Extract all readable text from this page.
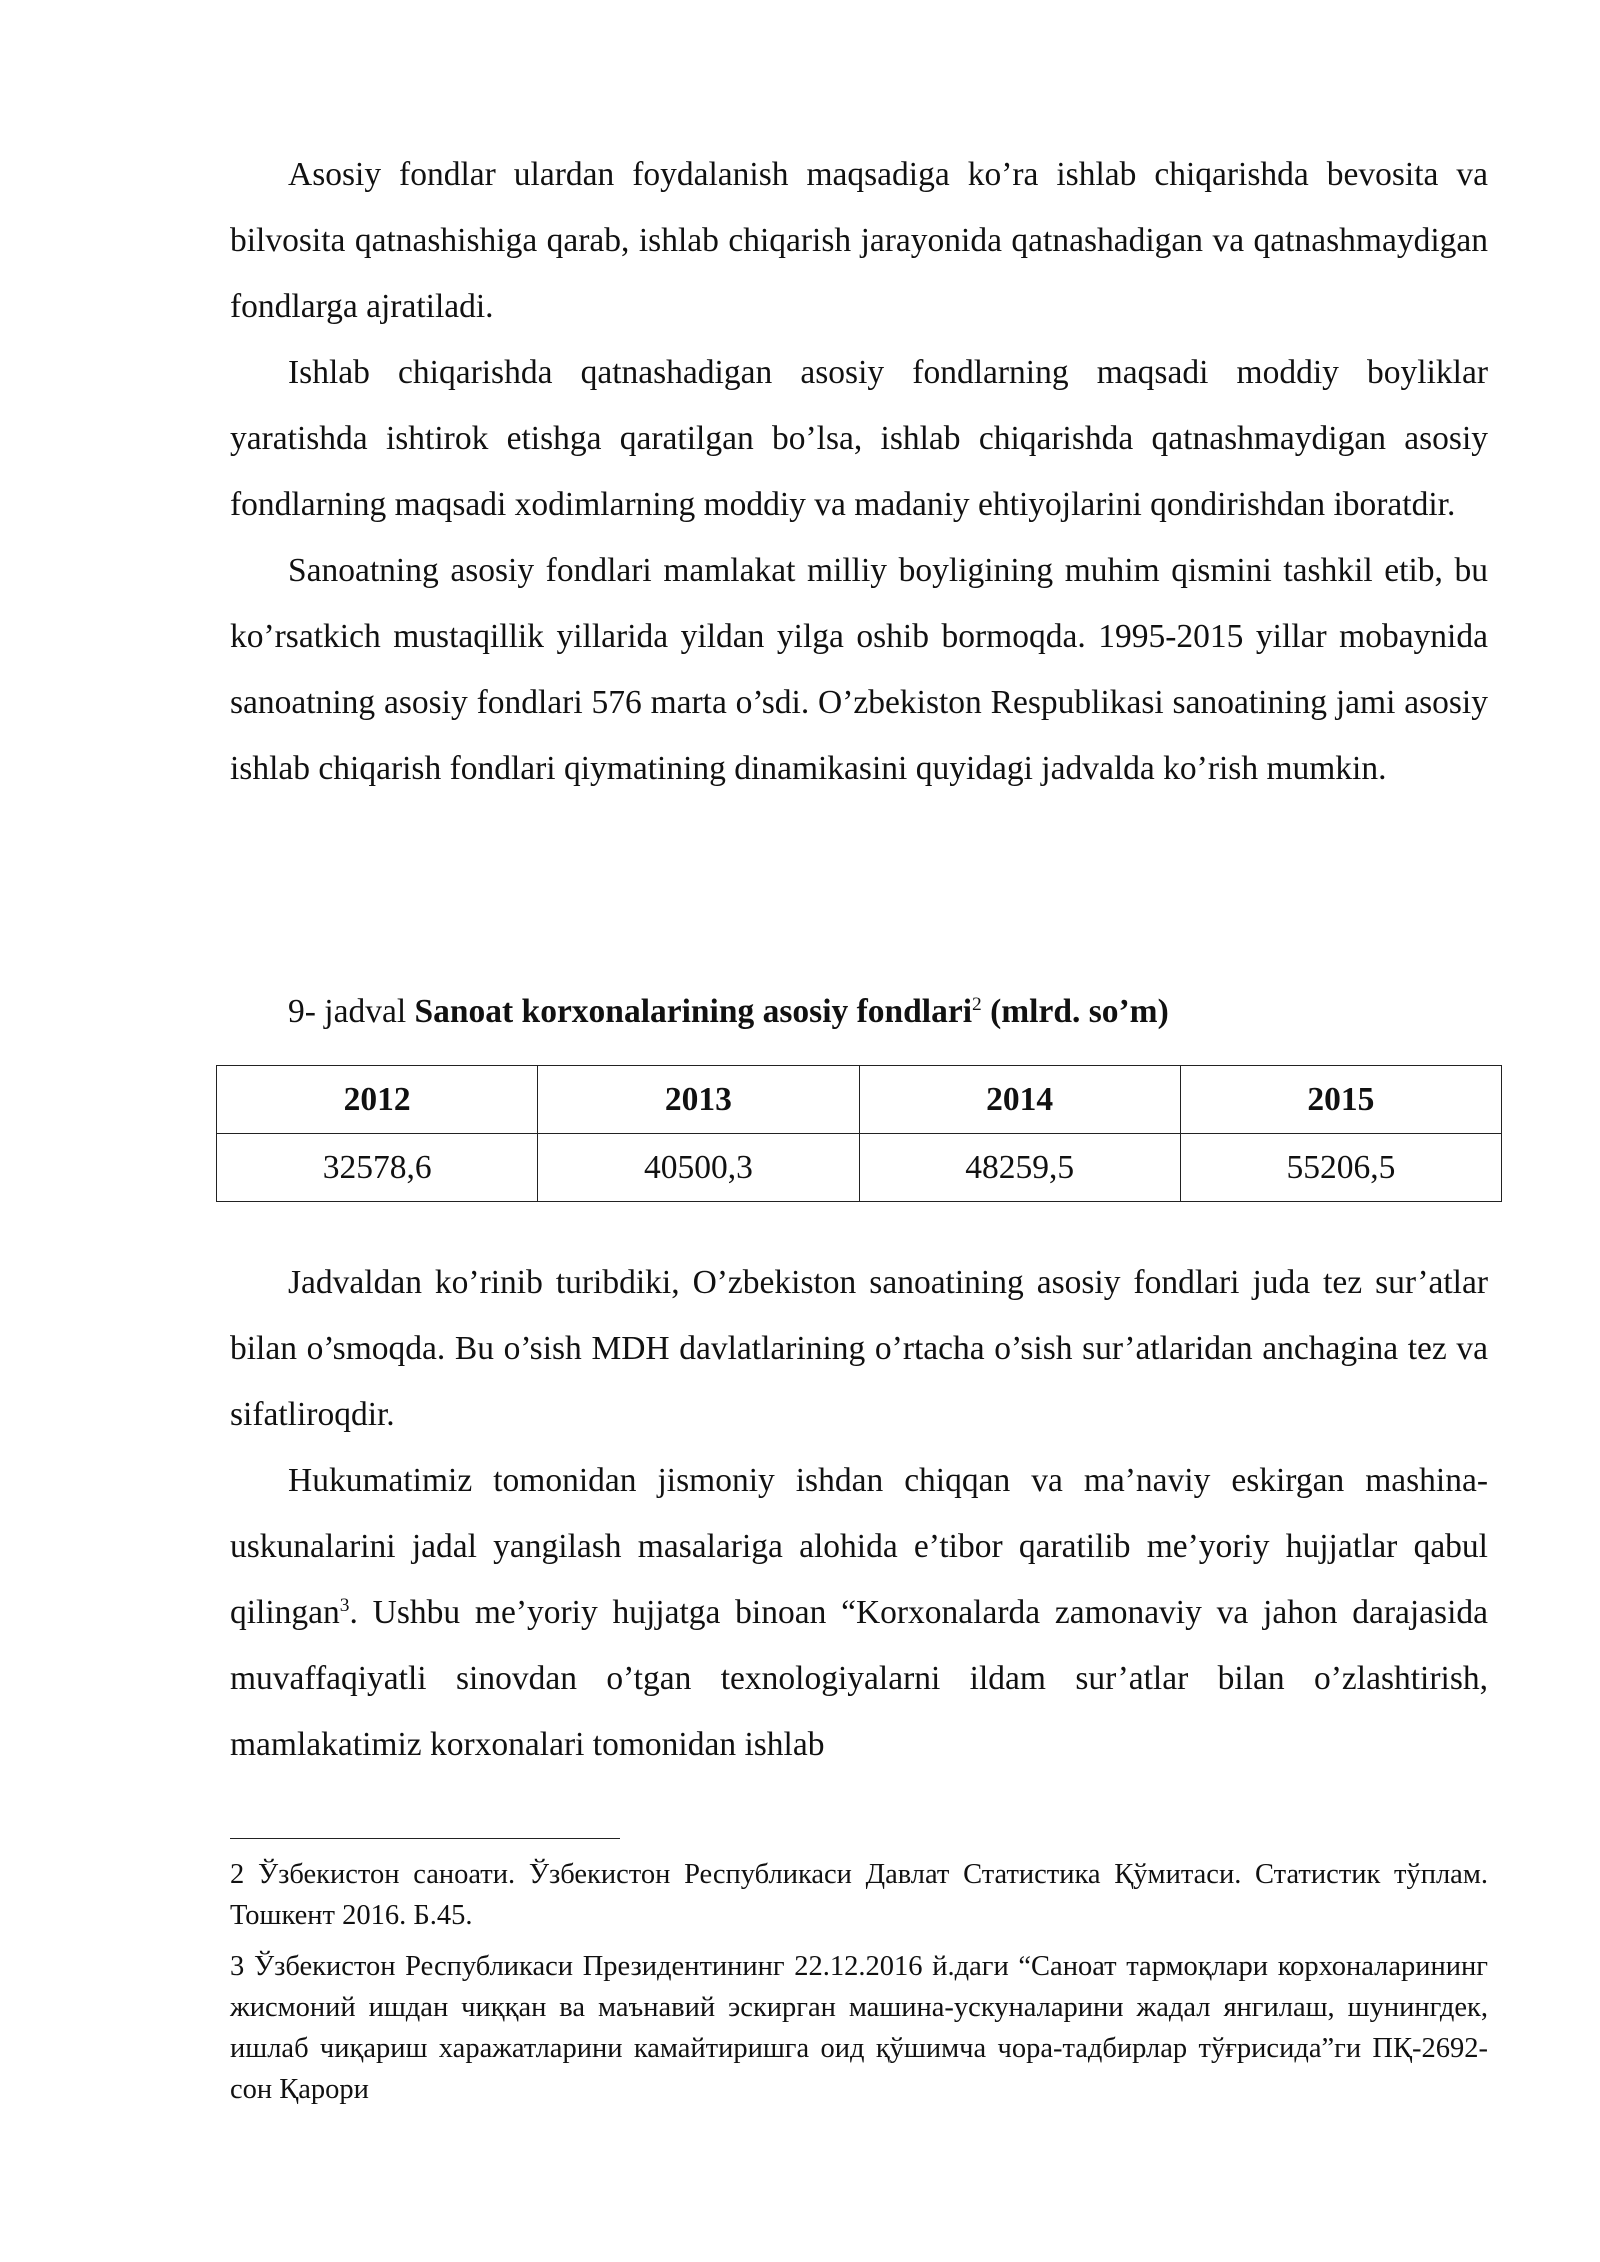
Asosiy fondlar ulardan foydalanish maqsadiga ko’ra ishlab chiqarishda bevosita va bilvosita qatnashishiga qarab, ishlab chiqarish jarayonida qatnashadigan va qatnashmaydigan fondlarga ajratiladi.

Ishlab chiqarishda qatnashadigan asosiy fondlarning maqsadi moddiy boyliklar yaratishda ishtirok etishga qaratilgan bo’lsa, ishlab chiqarishda qatnashmaydigan asosiy fondlarning maqsadi xodimlarning moddiy va madaniy ehtiyojlarini qondirishdan iboratdir.

Sanoatning asosiy fondlari mamlakat milliy boyligining muhim qismini tashkil etib, bu ko’rsatkich mustaqillik yillarida yildan yilga oshib bormoqda. 1995-2015 yillar mobaynida sanoatning asosiy fondlari 576 marta o’sdi. O’zbekiston Respublikasi sanoatining jami asosiy ishlab chiqarish fondlari qiymatining dinamikasini quyidagi jadvalda ko’rish mumkin.

9- jadval Sanoat korxonalarining asosiy fondlari$^2$ (mlrd. so’m)
2012	2013	2014	2015
32578,6	40500,3	48259,5	55206,5

Jadvaldan ko’rinib turibdiki, O’zbekiston sanoatining asosiy fondlari juda tez sur’atlar bilan o’smoqda. Bu o’sish MDH davlatlarining o’rtacha o’sish sur’atlaridan anchagina tez va sifatliroqdir.

Hukumatimiz tomonidan jismoniy ishdan chiqqan va ma’naviy eskirgan mashina-uskunalarini jadal yangilash masalariga alohida e’tibor qaratilib me’yoriy hujjatlar qabul qilingan$^3$. Ushbu me’yoriy hujjatga binoan “Korxonalarda zamonaviy va jahon darajasida muvaffaqiyatli sinovdan o’tgan texnologiyalarni ildam sur’atlar bilan o’zlashtirish, mamlakatimiz korxonalari tomonidan ishlab

2 Ўзбекистон саноати. Ўзбекистон Республикаси Давлат Статистика Қўмитаси. Статистик тўплам. Тошкент 2016. Б.45.

3 Ўзбекистон Республикаси Президентининг 22.12.2016 й.даги “Саноат тармоқлари корхоналарининг жисмоний ишдан чиққан ва маънавий эскирган машина-ускуналарини жадал янгилаш, шунингдек, ишлаб чиқариш харажатларини камайтиришга оид қўшимча чора-тадбирлар тўғрисида”ги ПҚ-2692-сон Қарори
